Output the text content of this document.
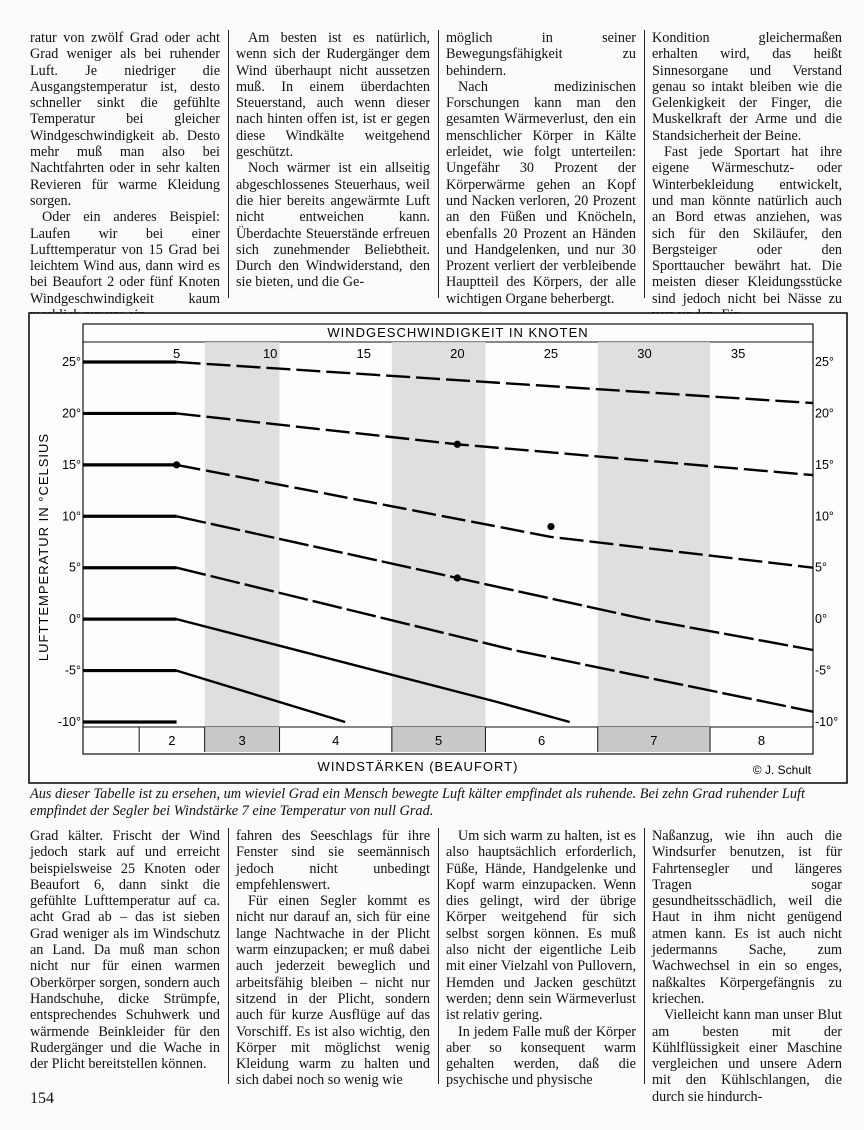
ratur von zwölf Grad oder acht Grad weniger als bei ruhender Luft. Je niedriger die Ausgangstemperatur ist, desto schneller sinkt die gefühlte Temperatur bei gleicher Windgeschwindigkeit ab. Desto mehr muß man also bei Nachtfahrten oder in sehr kalten Revieren für warme Kleidung sorgen.

Oder ein anderes Beispiel: Laufen wir bei einer Lufttemperatur von 15 Grad bei leichtem Wind aus, dann wird es bei Beaufort 2 oder fünf Knoten Windgeschwindigkeit kaum

Am besten ist es natürlich, wenn sich der Rudergänger dem Wind überhaupt nicht aussetzen muß. In einem überdachten Steuerstand, auch wenn dieser nach hinten offen ist, ist er gegen diese Windkälte weitgehend geschützt.

Noch wärmer ist ein allseitig abgeschlossenes Steuerhaus, weil die hier bereits angewärmte Luft nicht entweichen kann. Überdachte Steuerstände erfreuen sich zunehmender Beliebtheit. Durch den Windwiderstand, den sie bieten, und die Ge-

möglich in seiner Bewegungsfähigkeit zu behindern.

Nach medizinischen Forschungen kann man den gesamten Wärmeverlust, den ein menschlicher Körper in Kälte erleidet, wie folgt unterteilen: Ungefähr 30 Prozent der Körperwärme gehen an Kopf und Nacken verloren, 20 Prozent an den Füßen und Knöcheln, ebenfalls 20 Prozent an Händen und Handgelenken, und nur 30 Prozent verliert der verbleibende Hauptteil des Körpers, der alle wichtigen Organe beherbergt.

Kondition gleichermaßen erhalten wird, das heißt Sinnesorgane und Verstand genau so intakt bleiben wie die Gelenkigkeit der Finger, die Muskelkraft der Arme und die Standsicherheit der Beine.

Fast jede Sportart hat ihre eigene Wärmeschutz- oder Winterbekleidung entwickelt, und man könnte natürlich auch an Bord etwas anziehen, was sich für den Skiläufer, den Bergsteiger oder den Sporttaucher bewährt hat. Die meisten dieser Kleidungsstücke sind jedoch nicht bei Nässe zu

WINDGESCHWINDIGKEIT IN KNOTEN
5	10	15	20	25	30	35
25°
20°
15°
10°
5°
0°
-5°
-10°
25°
20°
15°
10°
5°
0°
-5°
-10°
LUFTTEMPERATUR IN °CELSIUS
2	3	4	5	6	7	8
WINDSTÄRKEN (BEAUFORT)	© J. Schult
Aus dieser Tabelle ist zu ersehen, um wieviel Grad ein Mensch bewegte Luft kälter empfindet als ruhende. Bei zehn Grad ruhender Luft empfindet der Segler bei Windstärke 7 eine Temperatur von null Grad.

Grad kälter. Frischt der Wind jedoch stark auf und erreicht beispielsweise 25 Knoten oder Beaufort 6, dann sinkt die gefühlte Lufttemperatur auf ca. acht Grad ab – das ist sieben Grad weniger als im Windschutz an Land. Da muß man schon nicht nur für einen warmen Oberkörper sorgen, sondern auch Handschuhe, dicke Strümpfe, entsprechendes Schuhwerk und wärmende Beinkleider für den Rudergänger und die Wache in der Plicht bereitstellen können.

fahren des Seeschlags für ihre Fenster sind sie seemännisch jedoch nicht unbedingt empfehlenswert.

Für einen Segler kommt es nicht nur darauf an, sich für eine lange Nachtwache in der Plicht warm einzupacken; er muß dabei auch jederzeit beweglich und arbeitsfähig bleiben – nicht nur sitzend in der Plicht, sondern auch für kurze Ausflüge auf das Vorschiff. Es ist also wichtig, den Körper mit möglichst wenig Kleidung warm zu halten und sich dabei noch so wenig wie

Um sich warm zu halten, ist es also hauptsächlich erforderlich, Füße, Hände, Handgelenke und Kopf warm einzupacken. Wenn dies gelingt, wird der übrige Körper weitgehend für sich selbst sorgen können. Es muß also nicht der eigentliche Leib mit einer Vielzahl von Pullovern, Hemden und Jacken geschützt werden; denn sein Wärmeverlust ist relativ gering.

In jedem Falle muß der Körper aber so konsequent warm gehalten werden, daß die psychische und physische

Naßanzug, wie ihn auch die Windsurfer benutzen, ist für Fahrtensegler und längeres Tragen sogar gesundheitsschädlich, weil die Haut in ihm nicht genügend atmen kann. Es ist auch nicht jedermanns Sache, zum Wachwechsel in ein so enges, naßkaltes Körpergefängnis zu kriechen.

Vielleicht kann man unser Blut am besten mit der Kühlflüssigkeit einer Maschine vergleichen und unsere Adern mit den Kühlschlangen, die durch sie hindurch-

154
